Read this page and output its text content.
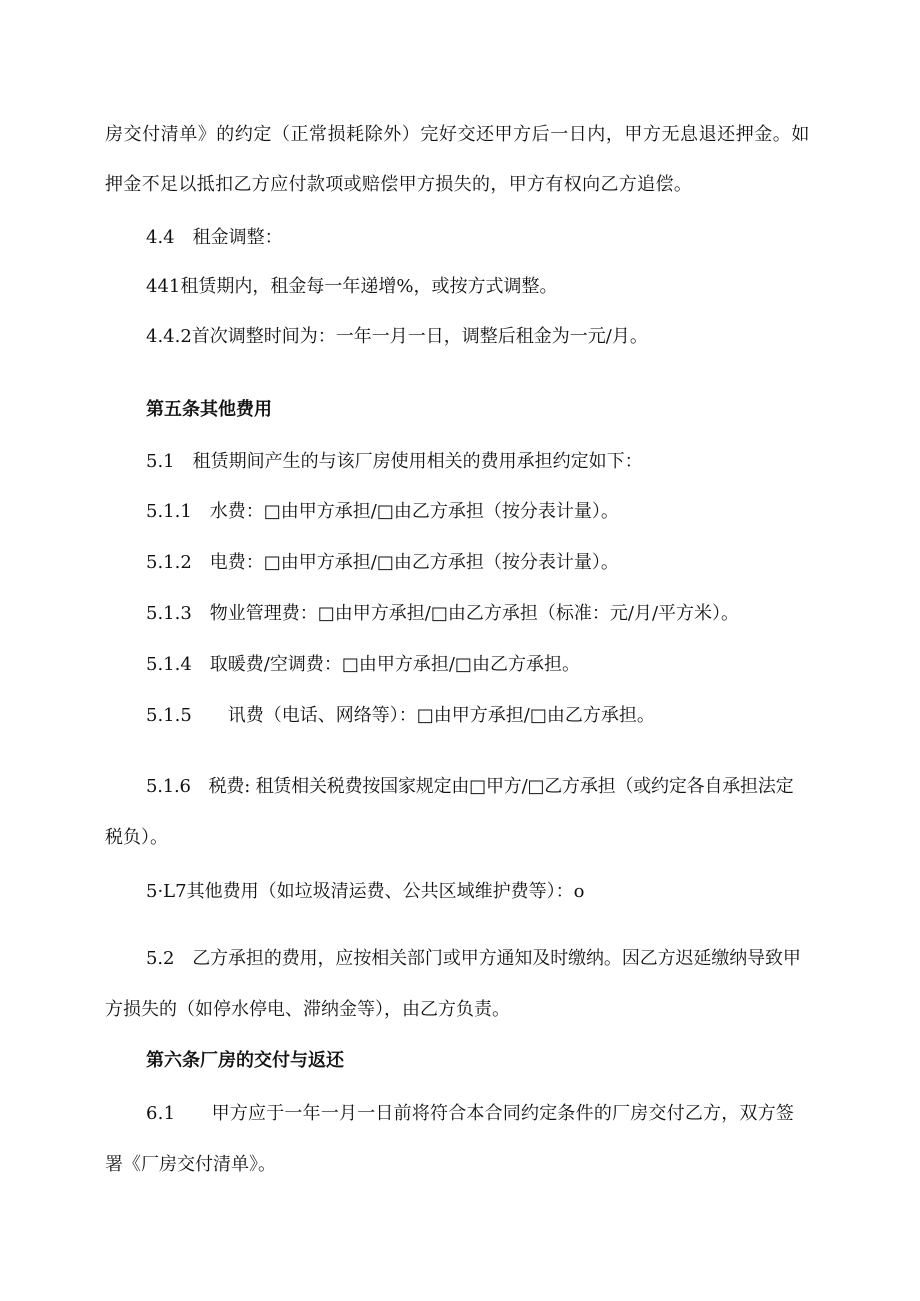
房交付清单》的约定（正常损耗除外）完好交还甲方后一日内，甲方无息退还押金。如
押金不足以抵扣乙方应付款项或赔偿甲方损失的，甲方有权向乙方追偿。
4.4　租金调整：
441租赁期内，租金每一年递增%，或按方式调整。
4.4.2首次调整时间为：一年一月一日，调整后租金为一元/月。
第五条其他费用
5.1　租赁期间产生的与该厂房使用相关的费用承担约定如下：
5.1.1　水费：□由甲方承担/□由乙方承担（按分表计量）。
5.1.2　电费：□由甲方承担/□由乙方承担（按分表计量）。
5.1.3　物业管理费：□由甲方承担/□由乙方承担（标准：元/月/平方米）。
5.1.4　取暖费/空调费：□由甲方承担/□由乙方承担。
5.1.5　　讯费（电话、网络等）：□由甲方承担/□由乙方承担。
5.1.6　税费: 租赁相关税费按国家规定由□甲方/□乙方承担（或约定各自承担法定
税负）。
5·L7其他费用（如垃圾清运费、公共区域维护费等）：o
5.2　乙方承担的费用，应按相关部门或甲方通知及时缴纳。因乙方迟延缴纳导致甲
方损失的（如停水停电、滞纳金等），由乙方负责。
第六条厂房的交付与返还
6.1　　甲方应于一年一月一日前将符合本合同约定条件的厂房交付乙方，双方签
署《厂房交付清单》。
